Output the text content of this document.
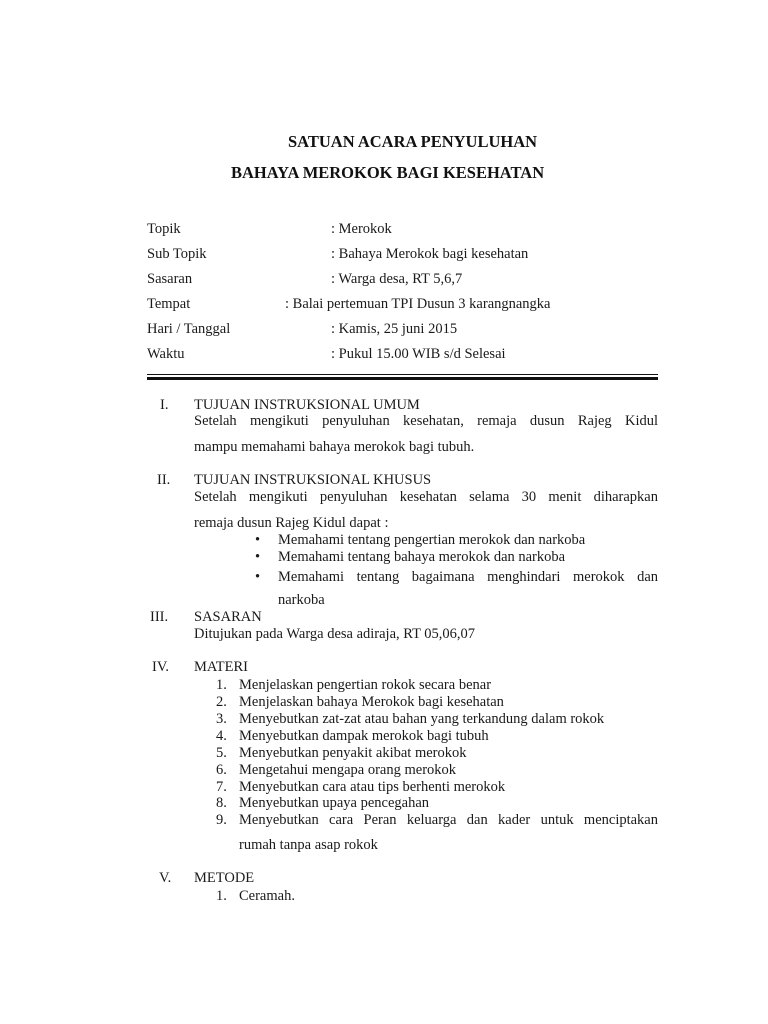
SATUAN ACARA PENYULUHAN
BAHAYA MEROKOK BAGI KESEHATAN
Topik	: Merokok
Sub Topik	: Bahaya Merokok bagi kesehatan
Sasaran	: Warga desa, RT 5,6,7
Tempat	: Balai pertemuan TPI Dusun 3 karangnangka
Hari / Tanggal	: Kamis, 25 juni 2015
Waktu	: Pukul 15.00 WIB s/d Selesai
I. TUJUAN INSTRUKSIONAL UMUM
Setelah mengikuti penyuluhan kesehatan, remaja dusun Rajeg Kidul
mampu memahami bahaya merokok bagi tubuh.
II. TUJUAN INSTRUKSIONAL KHUSUS
Setelah mengikuti penyuluhan kesehatan selama 30 menit diharapkan
remaja dusun Rajeg Kidul dapat :
• Memahami tentang pengertian merokok dan narkoba
• Memahami tentang bahaya merokok dan narkoba
• Memahami tentang bagaimana menghindari merokok dan
narkoba
III. SASARAN
Ditujukan pada Warga desa adiraja, RT 05,06,07
IV. MATERI
1. Menjelaskan pengertian rokok secara benar
2. Menjelaskan bahaya Merokok bagi kesehatan
3. Menyebutkan zat-zat atau bahan yang terkandung dalam rokok
4. Menyebutkan dampak merokok bagi tubuh
5. Menyebutkan penyakit akibat merokok
6. Mengetahui mengapa orang merokok
7. Menyebutkan cara atau tips berhenti merokok
8. Menyebutkan upaya pencegahan
9. Menyebutkan cara Peran keluarga dan kader untuk menciptakan
rumah tanpa asap rokok
V. METODE
1. Ceramah.
